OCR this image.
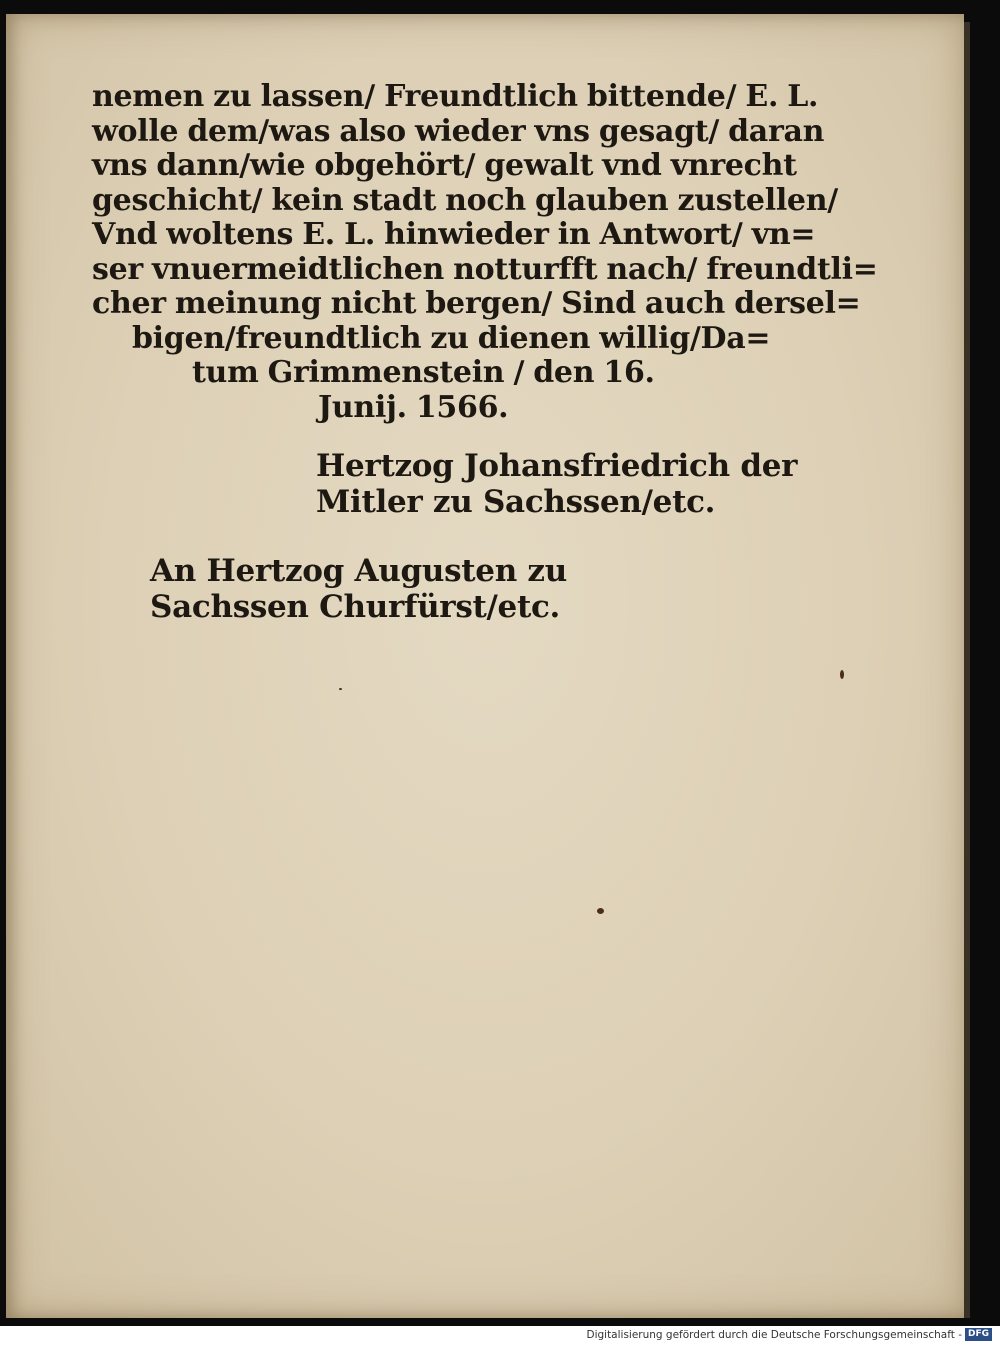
nemen zu lassen/ Freundtlich bittende/ E. L.
wolle dem/was also wieder vns gesagt/ daran
vns dann/wie obgehört/ gewalt vnd vnrecht
geschicht/ kein stadt noch glauben zustellen/
Vnd woltens E. L. hinwieder in Antwort/ vn=
ser vnuermeidtlichen notturfft nach/ freundtli=
cher meinung nicht bergen/ Sind auch dersel=
bigen/freundtlich zu dienen willig/Da=
tum Grimmenstein / den 16.
Junij. 1566.
Hertzog Johansfriedrich der
Mitler zu Sachssen/etc.
An Hertzog Augusten zu
Sachssen Churfürst/etc.
Digitalisierung gefördert durch die Deutsche Forschungsgemeinschaft - DFG
